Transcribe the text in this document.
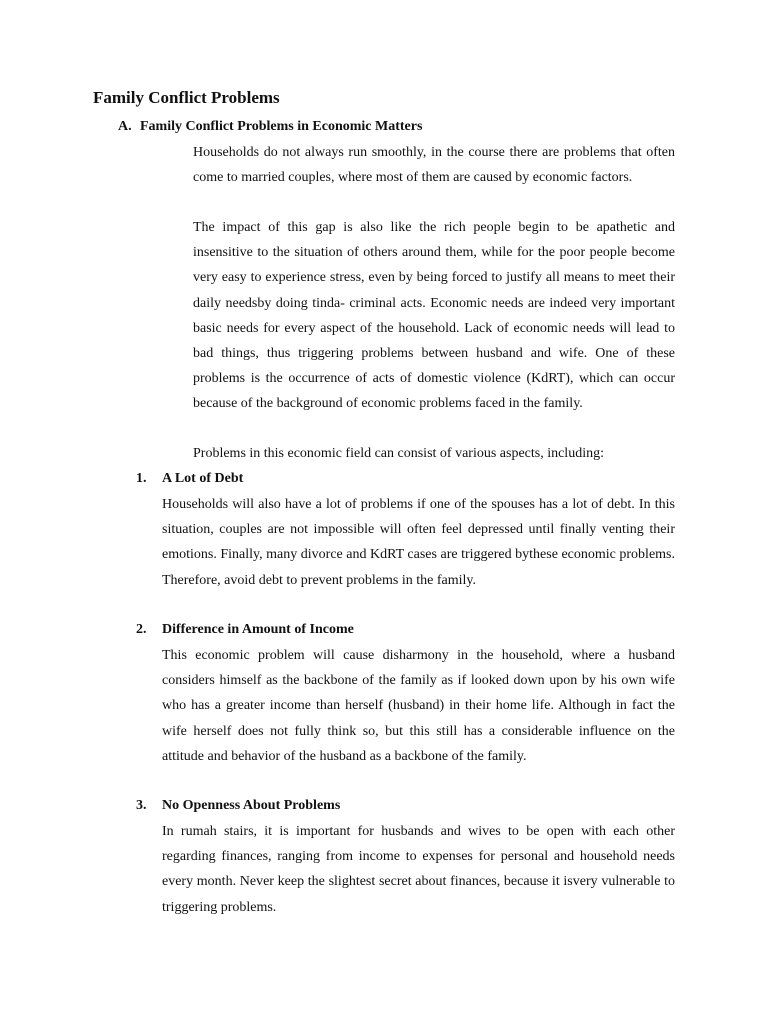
Family Conflict Problems
A. Family Conflict Problems in Economic Matters

Households do not always run smoothly, in the course there are problems that often come to married couples, where most of them are caused by economic factors.

The impact of this gap is also like the rich people begin to be apathetic and insensitive to the situation of others around them, while for the poor people become very easy to experience stress, even by being forced to justify all means to meet their daily needsby doing tinda- criminal acts. Economic needs are indeed very important basic needs for every aspect of the household. Lack of economic needs will lead to bad things, thus triggering problems between husband and wife. One of these problems is the occurrence of acts of domestic violence (KdRT), which can occur because of the background of economic problems faced in the family.

Problems in this economic field can consist of various aspects, including:

1. A Lot of Debt

Households will also have a lot of problems if one of the spouses has a lot of debt. In this situation, couples are not impossible will often feel depressed until finally venting their emotions. Finally, many divorce and KdRT cases are triggered bythese economic problems. Therefore, avoid debt to prevent problems in the family.

2. Difference in Amount of Income

This economic problem will cause disharmony in the household, where a husband considers himself as the backbone of the family as if looked down upon by his own wife who has a greater income than herself (husband) in their home life. Although in fact the wife herself does not fully think so, but this still has a considerable influence on the attitude and behavior of the husband as a backbone of the family.

3. No Openness About Problems

In rumah stairs, it is important for husbands and wives to be open with each other regarding finances, ranging from income to expenses for personal and household needs every month. Never keep the slightest secret about finances, because it isvery vulnerable to triggering problems.
